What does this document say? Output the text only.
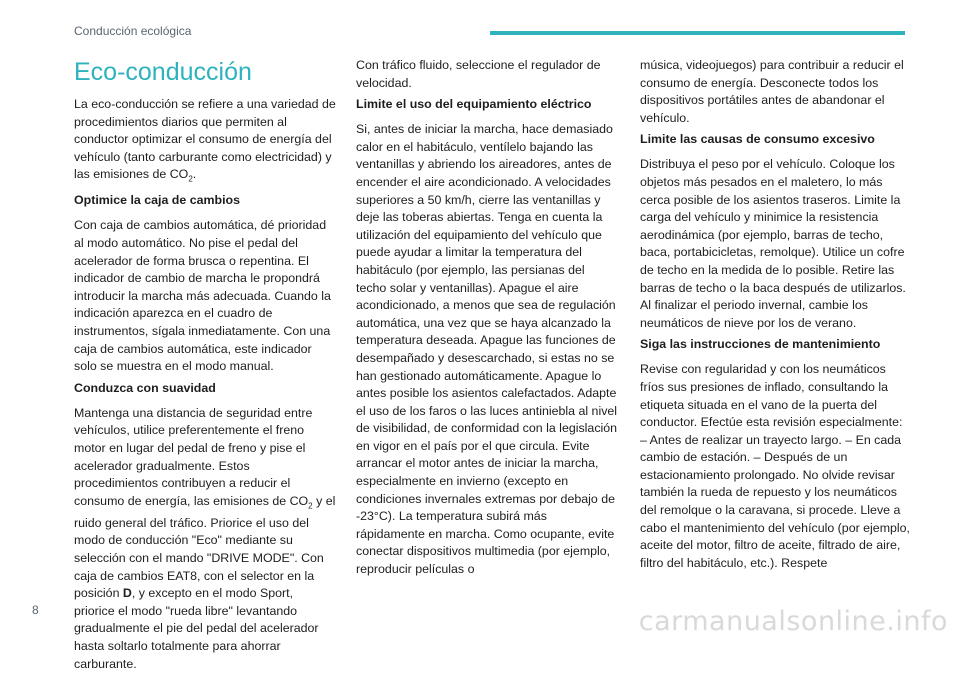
Conducción ecológica
Eco-conducción

La eco-conducción se refiere a una variedad de procedimientos diarios que permiten al conductor optimizar el consumo de energía del vehículo (tanto carburante como electricidad) y las emisiones de $CO_2$.

Optimice la caja de cambios

Con caja de cambios automática, dé prioridad al modo automático. No pise el pedal del acelerador de forma brusca o repentina. El indicador de cambio de marcha le propondrá introducir la marcha más adecuada. Cuando la indicación aparezca en el cuadro de instrumentos, sígala inmediatamente. Con una caja de cambios automática, este indicador solo se muestra en el modo manual.

Conduzca con suavidad

Mantenga una distancia de seguridad entre vehículos, utilice preferentemente el freno motor en lugar del pedal de freno y pise el acelerador gradualmente. Estos procedimientos contribuyen a reducir el consumo de energía, las emisiones de $CO_2$ y el ruido general del tráfico. Priorice el uso del modo de conducción "Eco" mediante su selección con el mando "DRIVE MODE". Con caja de cambios EAT8, con el selector en la posición D, y excepto en el modo Sport, priorice el modo "rueda libre" levantando gradualmente el pie del pedal del acelerador hasta soltarlo totalmente para ahorrar carburante.

Con tráfico fluido, seleccione el regulador de velocidad.

Limite el uso del equipamiento eléctrico

Si, antes de iniciar la marcha, hace demasiado calor en el habitáculo, ventílelo bajando las ventanillas y abriendo los aireadores, antes de encender el aire acondicionado. A velocidades superiores a 50 km/h, cierre las ventanillas y deje las toberas abiertas. Tenga en cuenta la utilización del equipamiento del vehículo que puede ayudar a limitar la temperatura del habitáculo (por ejemplo, las persianas del techo solar y ventanillas). Apague el aire acondicionado, a menos que sea de regulación automática, una vez que se haya alcanzado la temperatura deseada. Apague las funciones de desempañado y desescarchado, si estas no se han gestionado automáticamente. Apague lo antes posible los asientos calefactados. Adapte el uso de los faros o las luces antiniebla al nivel de visibilidad, de conformidad con la legislación en vigor en el país por el que circula. Evite arrancar el motor antes de iniciar la marcha, especialmente en invierno (excepto en condiciones invernales extremas por debajo de -23°C). La temperatura subirá más rápidamente en marcha. Como ocupante, evite conectar dispositivos multimedia (por ejemplo, reproducir películas o

música, videojuegos) para contribuir a reducir el consumo de energía. Desconecte todos los dispositivos portátiles antes de abandonar el vehículo.

Limite las causas de consumo excesivo

Distribuya el peso por el vehículo. Coloque los objetos más pesados en el maletero, lo más cerca posible de los asientos traseros. Limite la carga del vehículo y minimice la resistencia aerodinámica (por ejemplo, barras de techo, baca, portabicicletas, remolque). Utilice un cofre de techo en la medida de lo posible. Retire las barras de techo o la baca después de utilizarlos. Al finalizar el periodo invernal, cambie los neumáticos de nieve por los de verano.

Siga las instrucciones de mantenimiento

Revise con regularidad y con los neumáticos fríos sus presiones de inflado, consultando la etiqueta situada en el vano de la puerta del conductor. Efectúe esta revisión especialmente: – Antes de realizar un trayecto largo. – En cada cambio de estación. – Después de un estacionamiento prolongado. No olvide revisar también la rueda de repuesto y los neumáticos del remolque o la caravana, si procede. Lleve a cabo el mantenimiento del vehículo (por ejemplo, aceite del motor, filtro de aceite, filtrado de aire, filtro del habitáculo, etc.). Respete

8	carmanualsonline.info
